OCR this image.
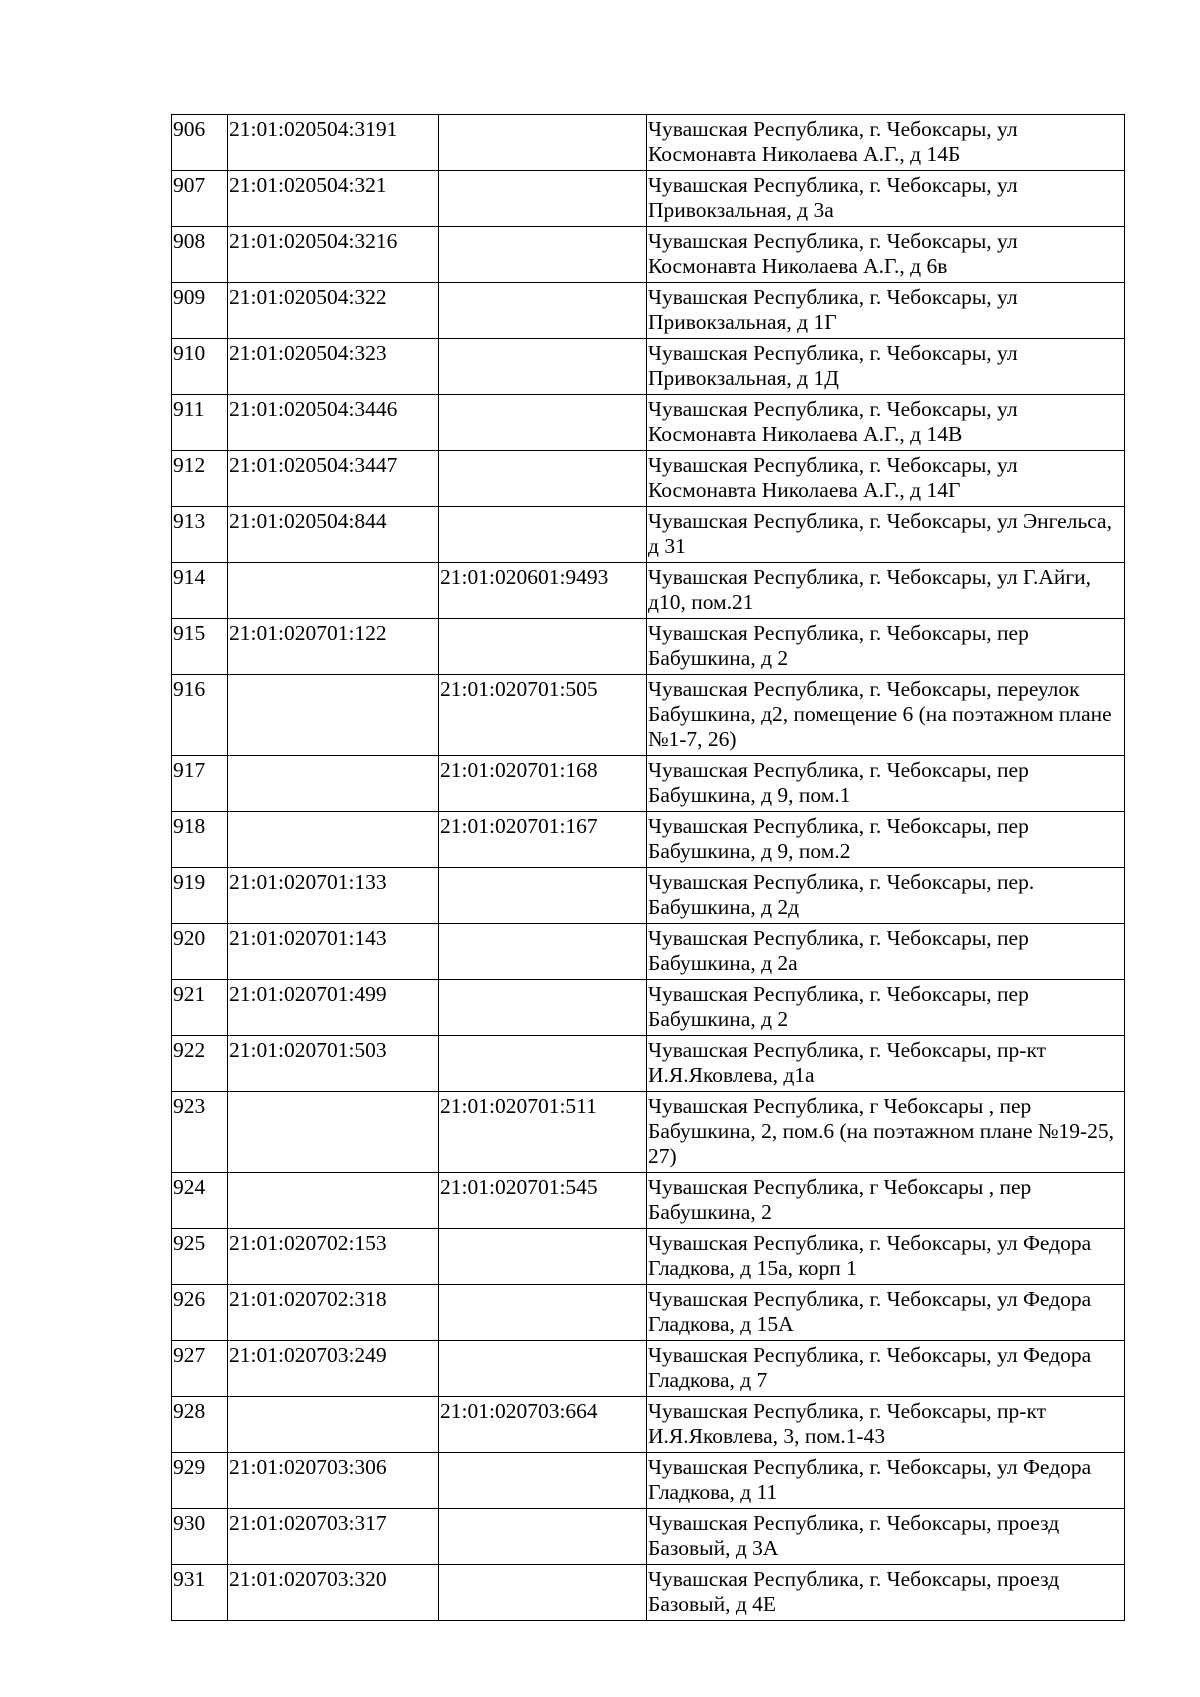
906	21:01:020504:3191		Чувашская Республика, г. Чебоксары, ул Космонавта Николаева А.Г., д 14Б
907	21:01:020504:321		Чувашская Республика, г. Чебоксары, ул Привокзальная, д 3а
908	21:01:020504:3216		Чувашская Республика, г. Чебоксары, ул Космонавта Николаева А.Г., д 6в
909	21:01:020504:322		Чувашская Республика, г. Чебоксары, ул Привокзальная, д 1Г
910	21:01:020504:323		Чувашская Республика, г. Чебоксары, ул Привокзальная, д 1Д
911	21:01:020504:3446		Чувашская Республика, г. Чебоксары, ул Космонавта Николаева А.Г., д 14В
912	21:01:020504:3447		Чувашская Республика, г. Чебоксары, ул Космонавта Николаева А.Г., д 14Г
913	21:01:020504:844		Чувашская Республика, г. Чебоксары, ул Энгельса, д 31
914		21:01:020601:9493	Чувашская Республика, г. Чебоксары, ул Г.Айги, д10, пом.21
915	21:01:020701:122		Чувашская Республика, г. Чебоксары, пер Бабушкина, д 2
916		21:01:020701:505	Чувашская Республика, г. Чебоксары, переулок Бабушкина, д2, помещение 6 (на поэтажном плане №1-7, 26)
917		21:01:020701:168	Чувашская Республика, г. Чебоксары, пер Бабушкина, д 9, пом.1
918		21:01:020701:167	Чувашская Республика, г. Чебоксары, пер Бабушкина, д 9, пом.2
919	21:01:020701:133		Чувашская Республика, г. Чебоксары, пер. Бабушкина, д 2д
920	21:01:020701:143		Чувашская Республика, г. Чебоксары, пер Бабушкина, д 2а
921	21:01:020701:499		Чувашская Республика, г. Чебоксары, пер Бабушкина, д 2
922	21:01:020701:503		Чувашская Республика, г. Чебоксары, пр-кт И.Я.Яковлева, д1а
923		21:01:020701:511	Чувашская Республика, г Чебоксары , пер Бабушкина, 2, пом.6 (на поэтажном плане №19-25, 27)
924		21:01:020701:545	Чувашская Республика, г Чебоксары , пер Бабушкина, 2
925	21:01:020702:153		Чувашская Республика, г. Чебоксары, ул Федора Гладкова, д 15а, корп 1
926	21:01:020702:318		Чувашская Республика, г. Чебоксары, ул Федора Гладкова, д 15А
927	21:01:020703:249		Чувашская Республика, г. Чебоксары, ул Федора Гладкова, д 7
928		21:01:020703:664	Чувашская Республика, г. Чебоксары, пр-кт И.Я.Яковлева, 3, пом.1-43
929	21:01:020703:306		Чувашская Республика, г. Чебоксары, ул Федора Гладкова, д 11
930	21:01:020703:317		Чувашская Республика, г. Чебоксары, проезд Базовый, д 3А
931	21:01:020703:320		Чувашская Республика, г. Чебоксары, проезд Базовый, д 4Е
